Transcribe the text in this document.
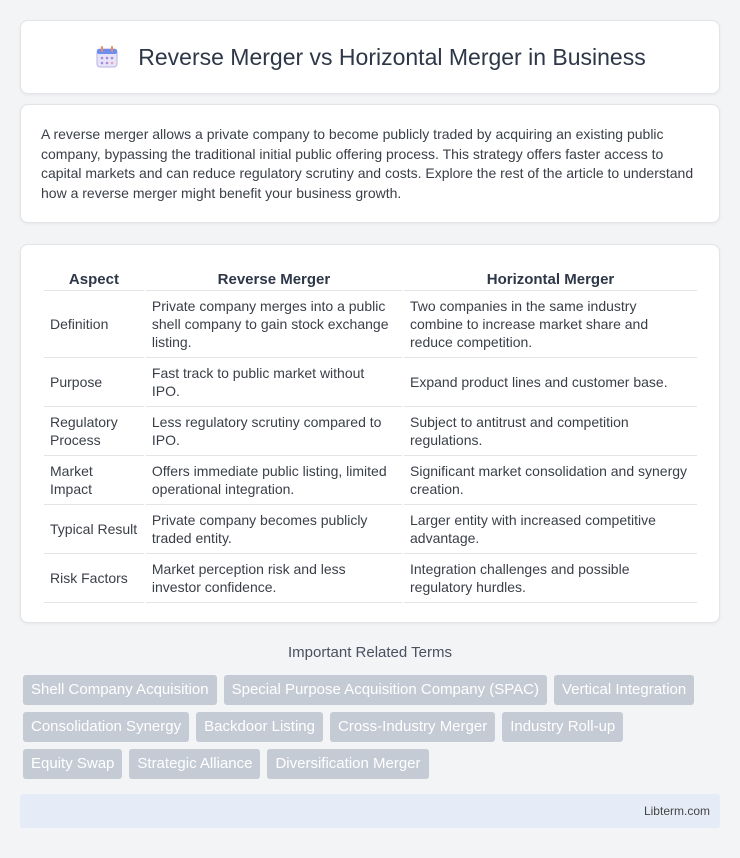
Reverse Merger vs Horizontal Merger in Business

A reverse merger allows a private company to become publicly traded by acquiring an existing public company, bypassing the traditional initial public offering process. This strategy offers faster access to capital markets and can reduce regulatory scrutiny and costs. Explore the rest of the article to understand how a reverse merger might benefit your business growth.

Aspect	Reverse Merger	Horizontal Merger
Definition	Private company merges into a public shell company to gain stock exchange listing.	Two companies in the same industry combine to increase market share and reduce competition.
Purpose	Fast track to public market without IPO.	Expand product lines and customer base.
Regulatory Process	Less regulatory scrutiny compared to IPO.	Subject to antitrust and competition regulations.
Market Impact	Offers immediate public listing, limited operational integration.	Significant market consolidation and synergy creation.
Typical Result	Private company becomes publicly traded entity.	Larger entity with increased competitive advantage.
Risk Factors	Market perception risk and less investor confidence.	Integration challenges and possible regulatory hurdles.
Important Related Terms
Shell Company Acquisition	Special Purpose Acquisition Company (SPAC)	Vertical Integration
Consolidation Synergy	Backdoor Listing	Cross-Industry Merger	Industry Roll-up
Equity Swap	Strategic Alliance	Diversification Merger
Libterm.com
